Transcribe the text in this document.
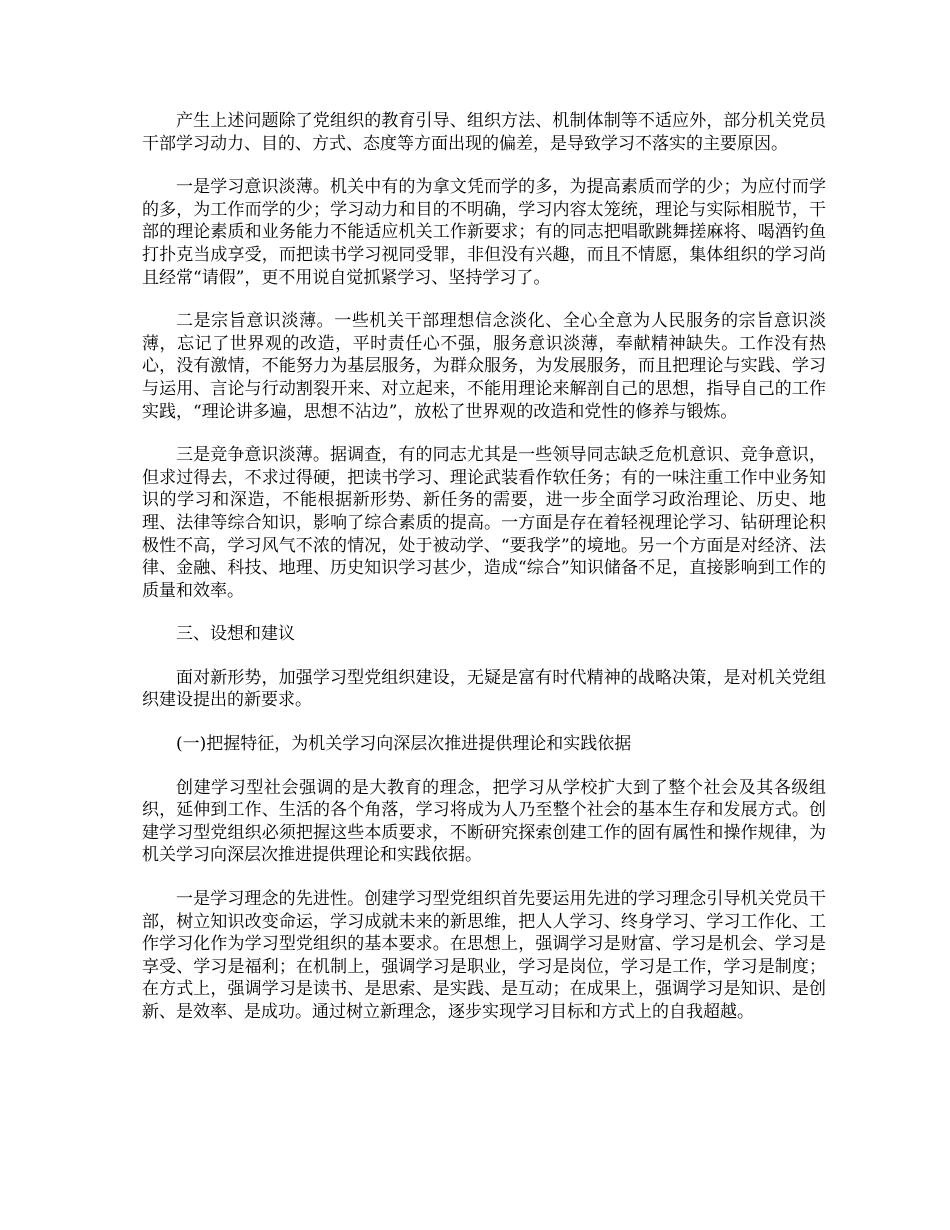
产生上述问题除了党组织的教育引导、组织方法、机制体制等不适应外，部分机关党员干部学习动力、目的、方式、态度等方面出现的偏差，是导致学习不落实的主要原因。

一是学习意识淡薄。机关中有的为拿文凭而学的多，为提高素质而学的少；为应付而学的多，为工作而学的少；学习动力和目的不明确，学习内容太笼统，理论与实际相脱节，干部的理论素质和业务能力不能适应机关工作新要求；有的同志把唱歌跳舞搓麻将、喝酒钓鱼打扑克当成享受，而把读书学习视同受罪，非但没有兴趣，而且不情愿，集体组织的学习尚且经常“请假”，更不用说自觉抓紧学习、坚持学习了。

二是宗旨意识淡薄。一些机关干部理想信念淡化、全心全意为人民服务的宗旨意识淡薄，忘记了世界观的改造，平时责任心不强，服务意识淡薄，奉献精神缺失。工作没有热心，没有激情，不能努力为基层服务，为群众服务，为发展服务，而且把理论与实践、学习与运用、言论与行动割裂开来、对立起来，不能用理论来解剖自己的思想，指导自己的工作实践，“理论讲多遍，思想不沾边”，放松了世界观的改造和党性的修养与锻炼。

三是竞争意识淡薄。据调查，有的同志尤其是一些领导同志缺乏危机意识、竞争意识，但求过得去，不求过得硬，把读书学习、理论武装看作软任务；有的一味注重工作中业务知识的学习和深造，不能根据新形势、新任务的需要，进一步全面学习政治理论、历史、地理、法律等综合知识，影响了综合素质的提高。一方面是存在着轻视理论学习、钻研理论积极性不高，学习风气不浓的情况，处于被动学、“要我学”的境地。另一个方面是对经济、法律、金融、科技、地理、历史知识学习甚少，造成“综合”知识储备不足，直接影响到工作的质量和效率。

三、设想和建议

面对新形势，加强学习型党组织建设，无疑是富有时代精神的战略决策，是对机关党组织建设提出的新要求。

(一)把握特征，为机关学习向深层次推进提供理论和实践依据

创建学习型社会强调的是大教育的理念，把学习从学校扩大到了整个社会及其各级组织，延伸到工作、生活的各个角落，学习将成为人乃至整个社会的基本生存和发展方式。创建学习型党组织必须把握这些本质要求，不断研究探索创建工作的固有属性和操作规律，为机关学习向深层次推进提供理论和实践依据。

一是学习理念的先进性。创建学习型党组织首先要运用先进的学习理念引导机关党员干部，树立知识改变命运，学习成就未来的新思维，把人人学习、终身学习、学习工作化、工作学习化作为学习型党组织的基本要求。在思想上，强调学习是财富、学习是机会、学习是享受、学习是福利；在机制上，强调学习是职业，学习是岗位，学习是工作，学习是制度；在方式上，强调学习是读书、是思索、是实践、是互动；在成果上，强调学习是知识、是创新、是效率、是成功。通过树立新理念，逐步实现学习目标和方式上的自我超越。
